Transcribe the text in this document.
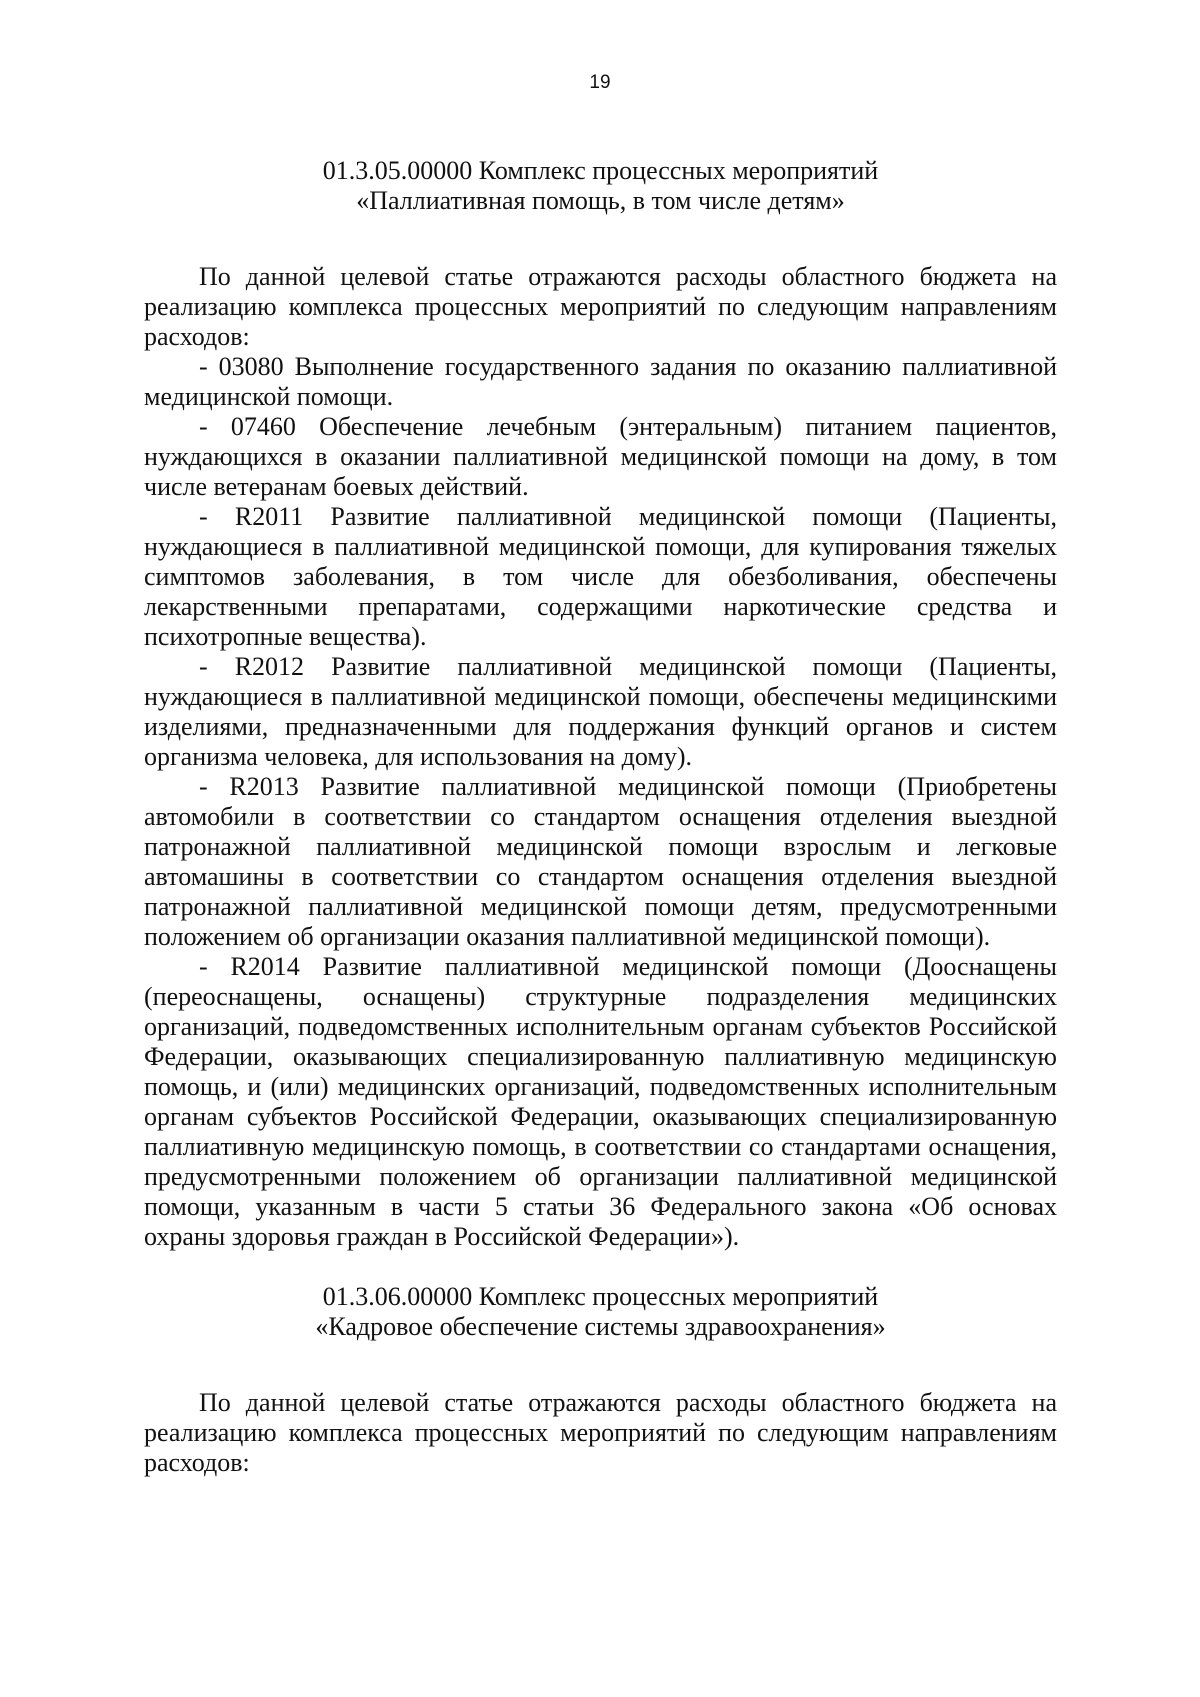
19
01.3.05.00000 Комплекс процессных мероприятий
«Паллиативная помощь, в том числе детям»

По данной целевой статье отражаются расходы областного бюджета на реализацию комплекса процессных мероприятий по следующим направлениям расходов:

- 03080 Выполнение государственного задания по оказанию паллиативной медицинской помощи.

- 07460 Обеспечение лечебным (энтеральным) питанием пациентов, нуждающихся в оказании паллиативной медицинской помощи на дому, в том числе ветеранам боевых действий.

- R2011 Развитие паллиативной медицинской помощи (Пациенты, нуждающиеся в паллиативной медицинской помощи, для купирования тяжелых симптомов заболевания, в том числе для обезболивания, обеспечены лекарственными препаратами, содержащими наркотические средства и психотропные вещества).

- R2012 Развитие паллиативной медицинской помощи (Пациенты, нуждающиеся в паллиативной медицинской помощи, обеспечены медицинскими изделиями, предназначенными для поддержания функций органов и систем организма человека, для использования на дому).

- R2013 Развитие паллиативной медицинской помощи (Приобретены автомобили в соответствии со стандартом оснащения отделения выездной патронажной паллиативной медицинской помощи взрослым и легковые автомашины в соответствии со стандартом оснащения отделения выездной патронажной паллиативной медицинской помощи детям, предусмотренными положением об организации оказания паллиативной медицинской помощи).

- R2014 Развитие паллиативной медицинской помощи (Дооснащены (переоснащены, оснащены) структурные подразделения медицинских организаций, подведомственных исполнительным органам субъектов Российской Федерации, оказывающих специализированную паллиативную медицинскую помощь, и (или) медицинских организаций, подведомственных исполнительным органам субъектов Российской Федерации, оказывающих специализированную паллиативную медицинскую помощь, в соответствии со стандартами оснащения, предусмотренными положением об организации паллиативной медицинской помощи, указанным в части 5 статьи 36 Федерального закона «Об основах охраны здоровья граждан в Российской Федерации»).

01.3.06.00000 Комплекс процессных мероприятий
«Кадровое обеспечение системы здравоохранения»

По данной целевой статье отражаются расходы областного бюджета на реализацию комплекса процессных мероприятий по следующим направлениям расходов:
